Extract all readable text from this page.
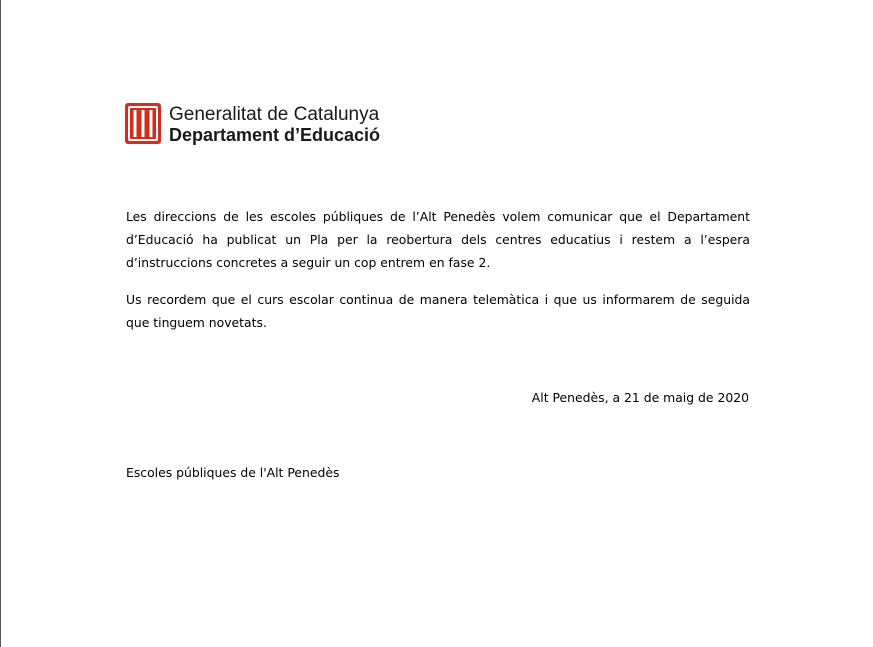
Generalitat de Catalunya
Departament d’Educació

Les direccions de les escoles públiques de l’Alt Penedès volem comunicar que el Departament d’Educació ha publicat un Pla per la reobertura dels centres educatius i restem a l’espera d’instruccions concretes a seguir un cop entrem en fase 2.

Us recordem que el curs escolar continua de manera telemàtica i que us informarem de seguida que tinguem novetats.

Alt Penedès, a 21 de maig de 2020
Escoles públiques de l'Alt Penedès
